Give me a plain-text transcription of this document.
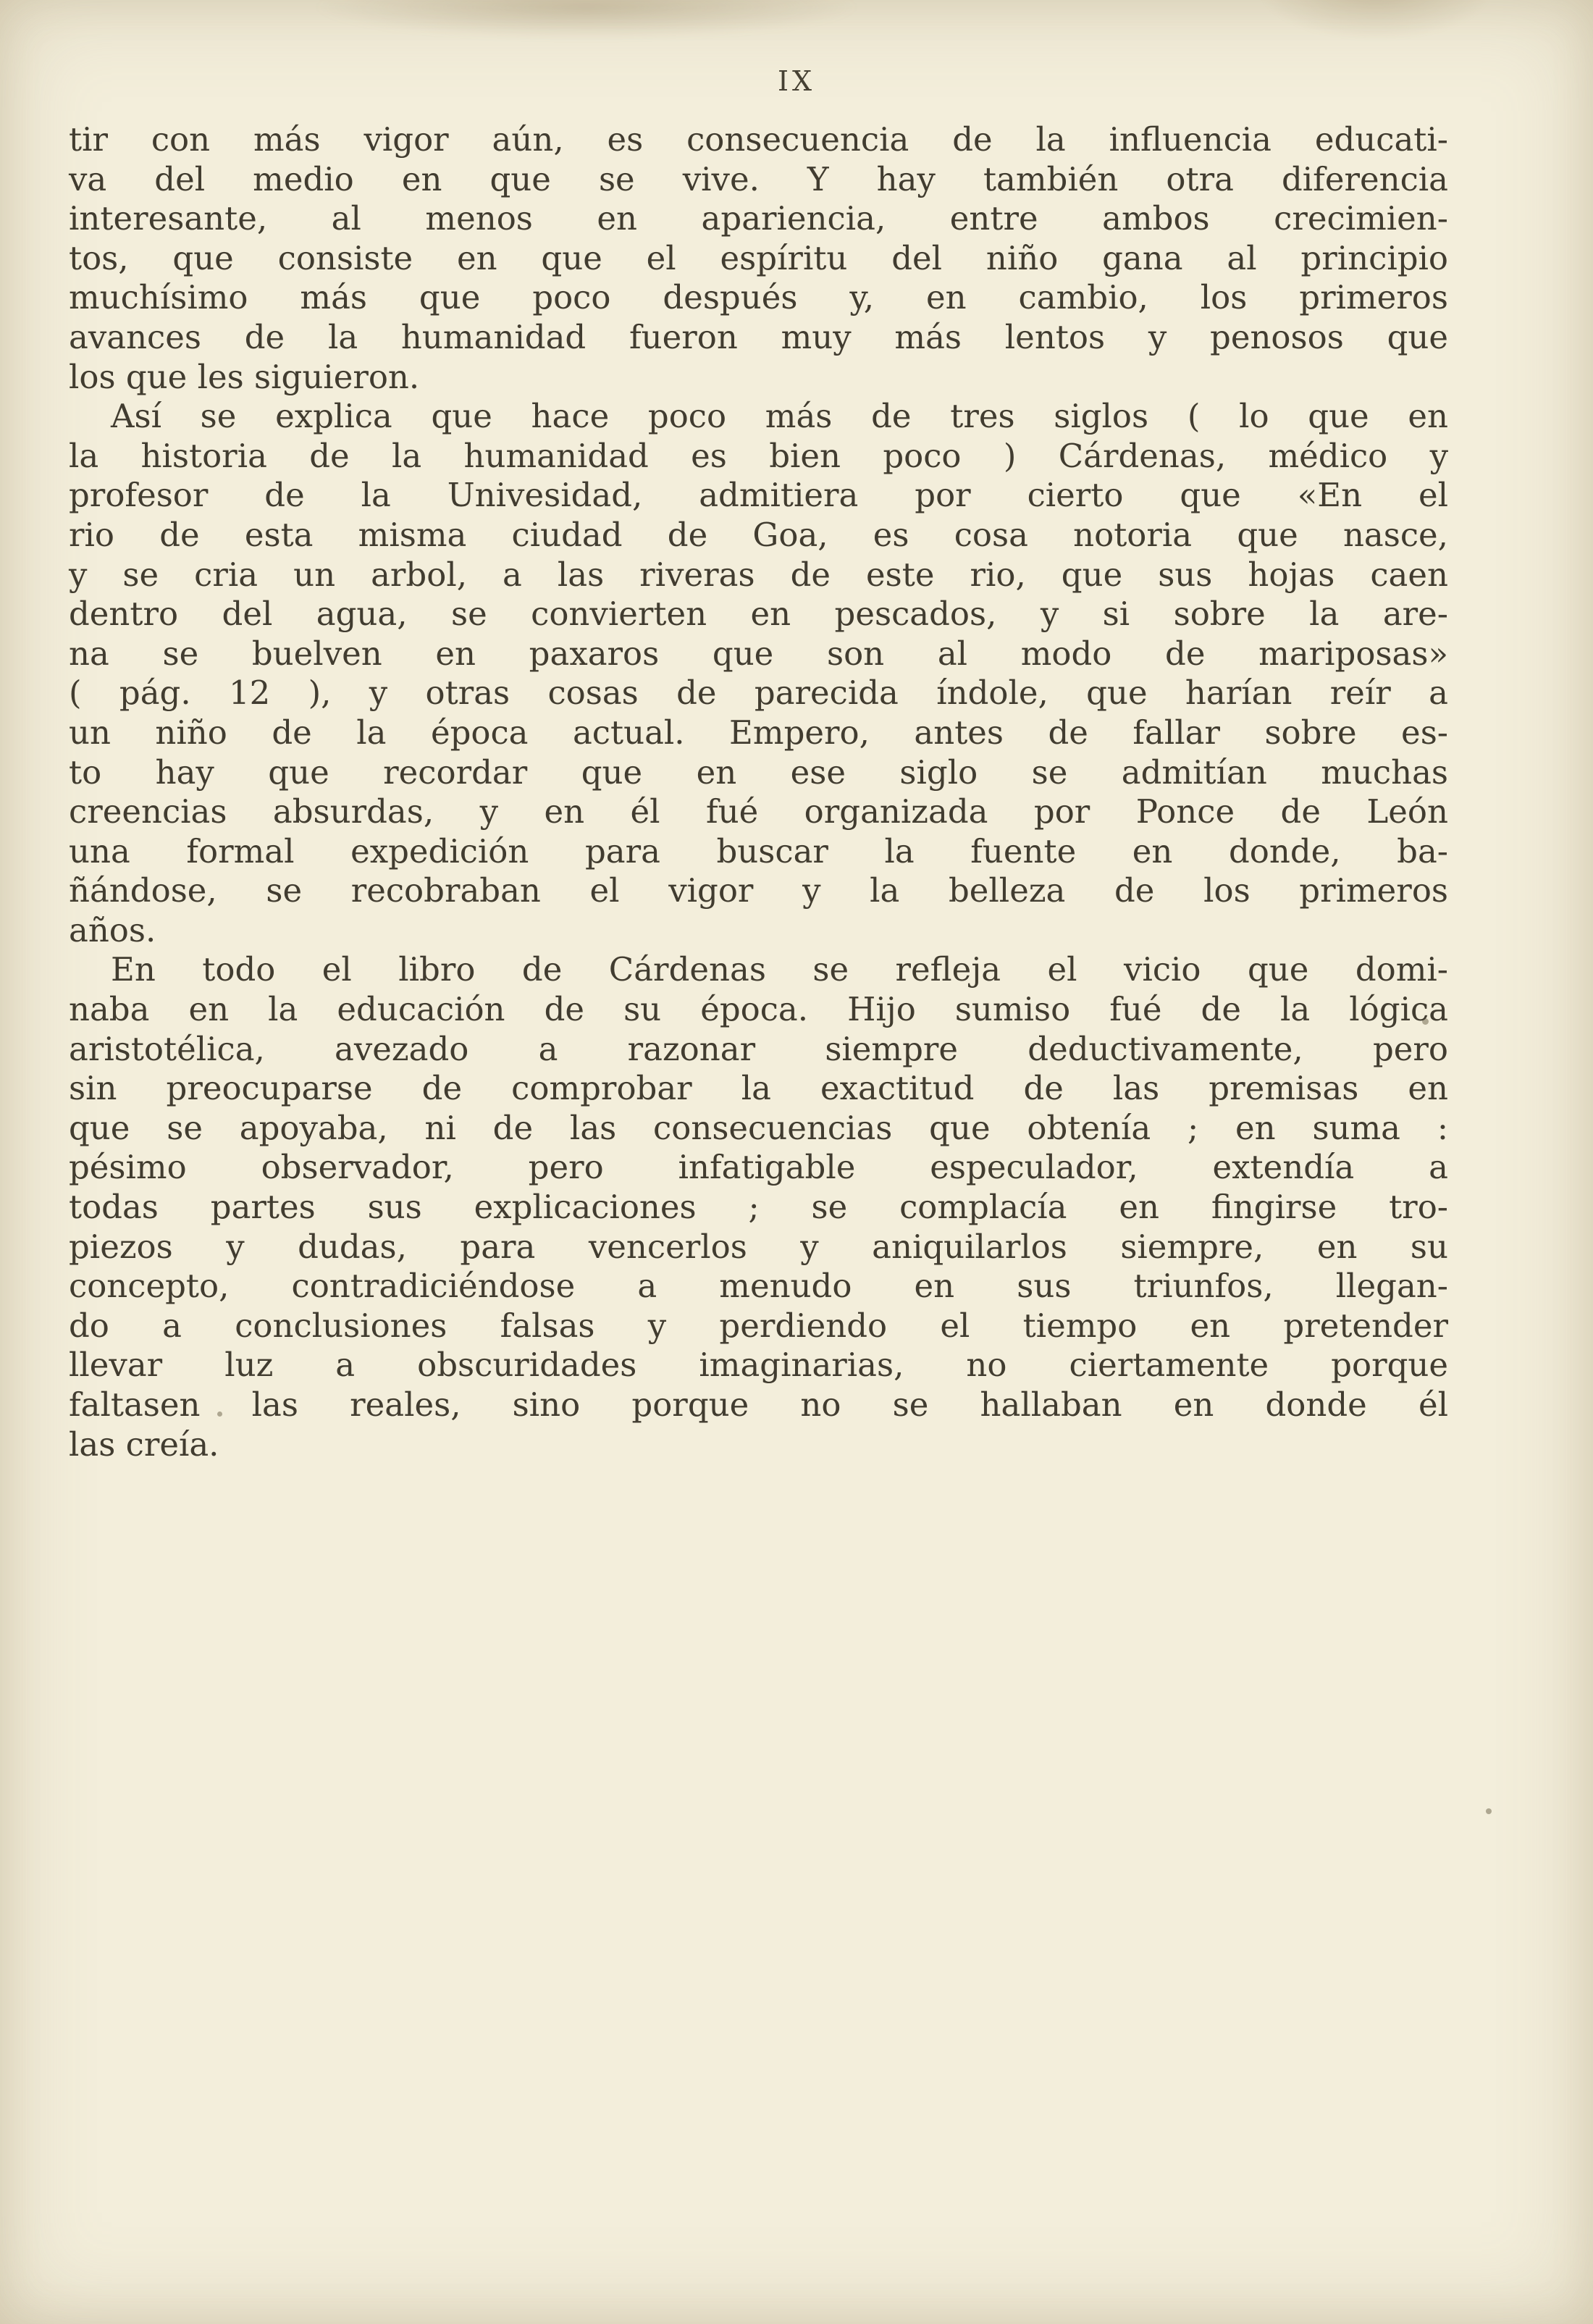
IX
tir con más vigor aún, es consecuencia de la influencia educati-
va del medio en que se vive. Y hay también otra diferencia
interesante, al menos en apariencia, entre ambos crecimien-
tos, que consiste en que el espíritu del niño gana al principio
muchísimo más que poco después y, en cambio, los primeros
avances de la humanidad fueron muy más lentos y penosos que
los que les siguieron.
Así se explica que hace poco más de tres siglos ( lo que en
la historia de la humanidad es bien poco ) Cárdenas, médico y
profesor de la Univesidad, admitiera por cierto que «En el
rio de esta misma ciudad de Goa, es cosa notoria que nasce,
y se cria un arbol, a las riveras de este rio, que sus hojas caen
dentro del agua, se convierten en pescados, y si sobre la are-
na se buelven en paxaros que son al modo de mariposas»
( pág. 12 ), y otras cosas de parecida índole, que harían reír a
un niño de la época actual. Empero, antes de fallar sobre es-
to hay que recordar que en ese siglo se admitían muchas
creencias absurdas, y en él fué organizada por Ponce de León
una formal expedición para buscar la fuente en donde, ba-
ñándose, se recobraban el vigor y la belleza de los primeros
años.
En todo el libro de Cárdenas se refleja el vicio que domi-
naba en la educación de su época. Hijo sumiso fué de la lógica
aristotélica, avezado a razonar siempre deductivamente, pero
sin preocuparse de comprobar la exactitud de las premisas en
que se apoyaba, ni de las consecuencias que obtenía ; en suma :
pésimo observador, pero infatigable especulador, extendía a
todas partes sus explicaciones ; se complacía en fingirse tro-
piezos y dudas, para vencerlos y aniquilarlos siempre, en su
concepto, contradiciéndose a menudo en sus triunfos, llegan-
do a conclusiones falsas y perdiendo el tiempo en pretender
llevar luz a obscuridades imaginarias, no ciertamente porque
faltasen las reales, sino porque no se hallaban en donde él
las creía.
